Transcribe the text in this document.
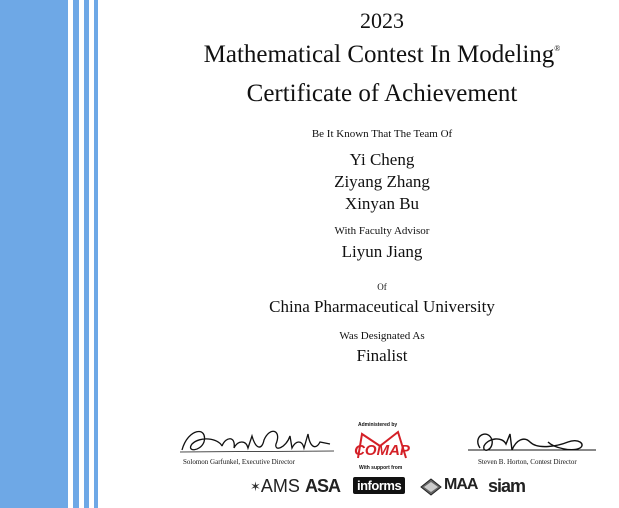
2023
Mathematical Contest In Modeling®
Certificate of Achievement
Be It Known That The Team Of
Yi Cheng
Ziyang Zhang
Xinyan Bu
With Faculty Advisor
Liyun Jiang
Of
China Pharmaceutical University
Was Designated As
Finalist
Solomon Garfunkel, Executive Director	Steven B. Horton, Contest Director
Administered by
COMAP
With support from
✶AMS ASA	informs	MAA siam
